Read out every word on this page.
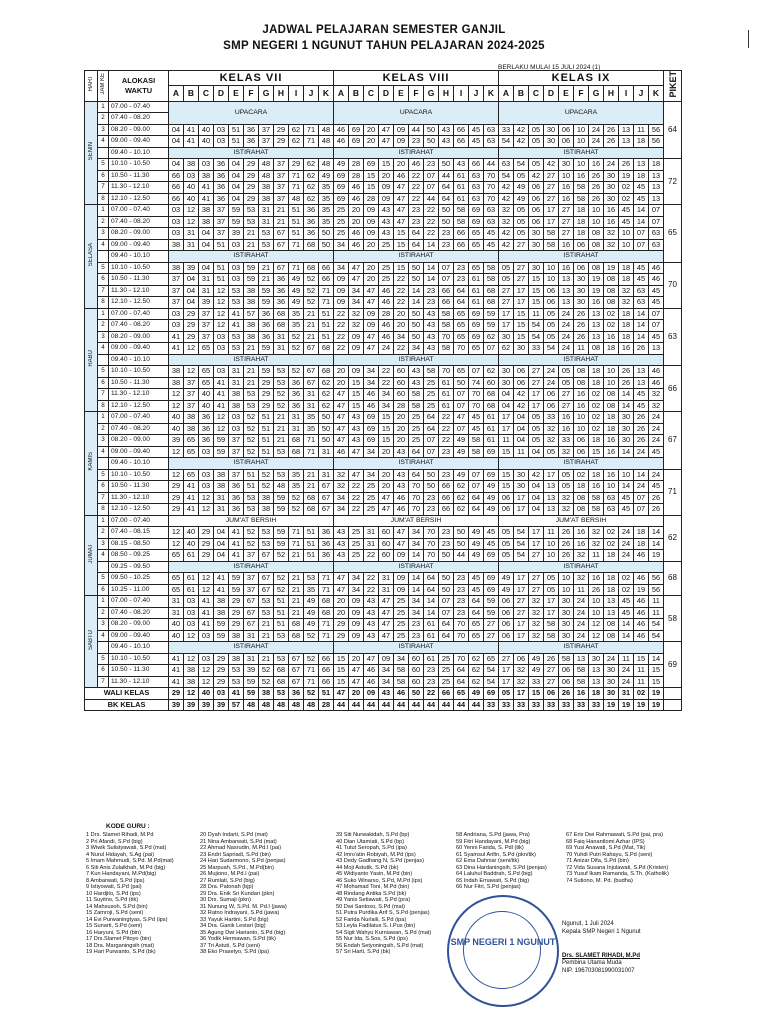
JADWAL PELAJARAN SEMESTER GANJIL
SMP NEGERI 1 NGUNUT TAHUN PELAJARAN 2024-2025
BERLAKU MULAI 15 JULI 2024 (1)
HARI	JAM KE	ALOKASI WAKTU	KELAS VII											KELAS VIII											KELAS IX											PIKET
			A	B	C	D	E	F	G	H	I	J	K	A	B	C	D	E	F	G	H	I	J	K	A	B	C	D	E	F	G	H	I	J	K	
SENIN	1	07.00 - 07.40	UPACARA											UPACARA											UPACARA											64
	2	07.40 - 08.20																																		
	3	08.20 - 09.00	04	41	40	03	51	36	37	29	62	71	48	46	69	20	47	09	44	50	43	66	45	63	33	42	05	30	06	10	24	26	13	11	56	
	4	09.00 - 09.40	04	41	40	03	51	36	37	29	62	71	48	46	69	20	47	09	23	50	43	66	45	63	54	42	05	30	06	10	24	26	13	18	56	
		09.40 - 10.10	ISTIRAHAT											ISTIRAHAT											ISTIRAHAT											
	5	10.10 - 10.50	04	38	03	36	04	29	48	37	29	62	48	49	28	69	15	20	46	23	50	43	66	44	63	54	05	42	30	10	16	24	26	13	18	72
	6	10.50 - 11.30	66	03	38	36	04	29	48	37	71	62	49	69	28	15	20	46	22	07	44	61	63	70	54	05	42	27	10	16	26	30	19	18	13	
	7	11.30 - 12.10	66	40	41	36	04	29	38	37	71	62	35	69	46	15	09	47	22	07	64	61	63	70	42	49	06	27	16	58	26	30	02	45	13	
	8	12.10 - 12.50	66	40	41	36	04	29	38	37	48	62	35	69	46	28	09	47	22	44	64	61	63	70	42	49	06	27	16	58	26	30	02	45	13	
SELASA	1	07.00 - 07.40	03	12	38	37	59	53	31	21	51	36	35	25	20	09	43	47	23	22	50	58	69	63	32	05	06	17	27	18	10	16	45	14	07	65
	2	07.40 - 08.20	03	12	38	37	59	53	31	21	51	36	35	25	20	09	43	47	23	22	50	58	69	63	32	05	06	17	27	18	10	16	45	14	07	
	3	08.20 - 09.00	03	31	04	37	39	21	53	67	51	36	50	25	46	09	43	15	64	22	23	66	65	45	42	05	30	58	27	18	08	32	10	07	63	
	4	09.00 - 09.40	38	31	04	51	03	21	53	67	71	68	50	34	46	20	25	15	64	14	23	66	65	45	42	27	30	58	16	06	08	32	10	07	63	
		09.40 - 10.10	ISTIRAHAT											ISTIRAHAT											ISTIRAHAT											
	5	10.10 - 10.50	38	39	04	51	03	59	21	67	71	68	66	34	47	20	25	15	50	14	07	23	65	58	05	27	30	10	16	06	08	19	18	45	46	70
	6	10.50 - 11.30	37	04	31	51	03	59	21	36	49	52	66	09	47	20	25	22	50	14	07	23	61	58	05	27	15	10	13	30	19	08	18	45	46	
	7	11.30 - 12.10	37	04	31	12	53	38	59	36	49	52	71	09	34	47	46	22	14	23	66	64	61	68	27	17	15	06	13	30	19	08	32	63	45	
	8	12.10 - 12.50	37	04	39	12	53	38	59	36	49	52	71	09	34	47	46	22	14	23	66	64	61	68	27	17	15	06	13	30	16	08	32	63	45	
RABU	1	07.00 - 07.40	03	29	37	12	41	57	36	68	35	21	51	22	32	09	28	20	50	43	58	65	69	59	17	15	11	05	24	26	13	02	18	14	07	63
	2	07.40 - 08.20	03	29	37	12	41	38	36	68	35	21	51	22	32	09	46	20	50	43	58	65	69	59	17	15	54	05	24	26	13	02	18	14	07	
	3	08.20 - 09.00	41	29	37	03	53	38	36	31	52	21	51	22	09	47	46	34	50	43	70	65	69	62	30	15	54	05	24	26	13	16	18	14	45	
	4	09.00 - 09.40	41	12	65	03	53	21	59	31	52	67	68	22	09	47	24	22	34	43	58	70	65	07	62	30	33	54	24	11	08	18	16	26	13	
		09.40 - 10.10	ISTIRAHAT											ISTIRAHAT											ISTIRAHAT											
	5	10.10 - 10.50	38	12	65	03	31	21	59	53	52	67	68	20	09	34	22	60	43	58	70	65	07	62	30	06	27	24	05	08	18	10	26	13	46	66
	6	10.50 - 11.30	38	37	65	41	31	21	29	53	36	67	62	20	15	34	22	60	43	25	61	50	74	60	30	06	27	24	05	08	18	10	26	13	46	
	7	11.30 - 12.10	12	37	40	41	38	53	29	52	36	31	62	47	15	46	34	60	58	25	61	07	70	68	04	42	17	06	27	16	02	08	14	45	32	
	8	12.10 - 12.50	12	37	40	41	38	53	29	52	36	31	62	47	15	46	34	28	58	25	61	07	70	68	04	42	17	06	27	16	02	08	14	45	32	
KAMIS	1	07.00 - 07.40	40	38	36	12	03	52	51	21	31	35	50	47	43	69	15	20	25	64	22	47	45	61	17	04	05	33	16	10	02	18	30	26	24	67
	2	07.40 - 08.20	40	38	36	12	03	52	51	21	31	35	50	47	43	69	15	20	25	64	22	07	45	61	17	04	05	32	16	10	02	18	30	26	24	
	3	08.20 - 09.00	39	65	36	59	37	52	51	21	68	71	50	47	43	69	15	20	25	07	22	49	58	61	11	04	05	32	33	06	18	16	30	26	24	
	4	09.00 - 09.40	12	65	03	59	37	52	51	53	68	71	31	46	47	34	20	43	64	07	23	49	58	69	15	11	04	05	32	06	15	16	14	24	45	
		09.40 - 10.10	ISTIRAHAT											ISTIRAHAT											ISTIRAHAT											
	5	10.10 - 10.50	12	65	03	38	37	51	52	53	35	21	31	32	47	34	20	43	64	50	23	49	07	69	15	30	42	17	05	02	18	16	10	14	24	71
	6	10.50 - 11.30	29	41	03	38	36	51	52	48	35	21	67	32	22	25	20	43	70	50	66	62	07	49	15	30	04	13	05	18	16	10	14	24	45	
	7	11.30 - 12.10	29	41	12	31	36	53	38	59	52	68	67	34	22	25	47	46	70	23	66	62	64	49	06	17	04	13	32	08	58	63	45	07	26	
	8	12.10 - 12.50	29	41	12	31	36	53	38	59	52	68	67	34	22	25	47	46	70	23	66	62	64	49	06	17	04	13	32	08	58	63	45	07	26	
JUMAT	1	07.00 - 07.40	JUM'AT BERSIH											JUM'AT BERSIH											JUM'AT BERSIH											62
	2	07.40 - 08.15	12	40	29	04	41	52	53	59	71	51	36	43	25	31	60	47	34	70	23	50	49	45	05	54	17	11	26	16	32	02	24	18	14	
	3	08.15 - 08.50	12	40	29	04	41	52	53	59	71	51	36	43	25	31	60	47	34	70	23	50	49	45	05	54	17	10	26	16	32	02	24	18	14	
	4	08.50 - 09.25	65	61	29	04	41	37	67	52	21	51	36	43	25	22	60	09	14	70	50	44	49	69	05	54	27	10	26	32	11	18	24	46	19	
		09.25 - 09.50	ISTIRAHAT											ISTIRAHAT											ISTIRAHAT											68
	5	09.50 - 10.25	65	61	12	41	59	37	67	52	21	53	71	47	34	22	31	09	14	64	50	23	45	69	49	17	27	05	10	32	16	18	02	46	56	
	6	10.25 - 11.00	65	61	12	41	59	37	67	52	21	35	71	47	34	22	31	09	14	64	50	23	45	69	49	17	27	05	10	11	26	18	02	19	56	
SABTU	1	07.00 - 07.40	31	03	41	38	29	67	53	51	21	49	68	20	09	43	47	25	34	14	07	23	64	59	06	27	32	17	30	24	10	13	45	46	11	58
	2	07.40 - 08.20	31	03	41	38	29	67	53	51	21	49	68	20	09	43	47	25	34	14	07	23	64	59	06	27	32	17	30	24	10	13	45	46	11	
	3	08.20 - 09.00	40	03	41	59	29	67	21	51	68	49	71	29	09	43	47	25	23	61	64	70	65	27	06	17	32	58	30	24	12	08	14	46	54	
	4	09.00 - 09.40	40	12	03	59	38	31	21	53	68	52	71	29	09	43	47	25	23	61	64	70	65	27	06	17	32	58	30	24	12	08	14	46	54	
		09.40 - 10.10	ISTIRAHAT											ISTIRAHAT											ISTIRAHAT											69
	5	10.10 - 10.50	41	12	03	29	38	31	21	53	67	52	66	15	20	47	09	34	60	61	25	70	62	65	27	06	49	26	58	13	30	24	11	15	14	
	6	10.50 - 11.30	41	38	12	29	53	39	52	68	67	71	66	15	47	46	34	58	60	23	25	64	62	54	17	32	49	27	06	58	13	30	24	11	15	
	7	11.30 - 12.10	41	38	12	29	53	59	52	68	67	71	66	15	47	46	34	58	60	23	25	64	62	54	17	32	33	27	06	58	13	30	24	11	15	
WALI KELAS			29	12	40	03	41	59	38	53	36	52	51	47	20	09	43	46	50	22	66	65	49	69	05	17	15	06	26	16	18	30	31	02	19	
BK KELAS			39	39	39	39	57	48	48	48	48	48	28	44	44	44	44	44	44	44	44	44	44	33	33	33	33	33	33	33	33	19	19	19	19	
KODE GURU :
1 Drs. Slamet Rihadi, M.Pd
2 Pri Afandi, S.Pd (big)
3 Wiwik Sulistyawati, S.Pd (mat)
4 Nurul Hidayah, S.Ag (pai)
5 Imam Mahmudi, S.Pd. M.Pd(mat)
6 Siti Anis Zulaikhah, M.Pd (big)
7 Kun Handayani, M.Pd(big)
8 Ambarwati, S.Pd (ips)
9 Istiyowati, S.Pd (pai)
10 Hardjito, S.Pd (ips)
11 Suyitno, S.Pd (tik)
14 Mahsusoh, S.Pd (bin)
15 Zamroji, S.Pd (seni)
14 Evi Purwaningtyas, S.Pd (ips)
15 Sunarti, S.Pd (seni)
16 Haryuni, S.Pd (bin)
17 Drs.Slamet Pitoyo (bin)
18 Dra. Marganingsih (mat)
19 Hari Purwanto, S.Pd (bk)
20 Dyah Indarti, S.Pd (mat)
21 Nina Ambarwati, S.Pd (mat)
22 Ahmad Nasrudin, M.Pd.I (pai)
23 Endri Sapriadi, S.Pd (bin)
24 Hari Sudarmono, S.Pd (penjas)
25 Marpuah, S.Pd., M.Pd(bin)
26 Mujiono, M.Pd.I (pai)
27 Rumlati, S.Pd (big)
28 Dra. Patonah (bjp)
29 Dra. Enik Sri Kundari (pkn)
30 Drs. Sumaji (pkn)
31 Nunung W, S.Pd. M. Pd.I (jawa)
32 Ratno Indrayani, S.Pd (jawa)
33 Yayuk Hartini, S.Pd (big)
34 Dra. Ganik Lestari (big)
35 Agung Dwi Harianto, S.Pd (big)
36 Yodik Hermawan, S.Pd (tik)
37 Tri Astuti, S.Pd (seni)
38 Eko Prasetyo, S.Pd (ipa)
39 Siti Nurwakidah, S.Pd (bp)
40 Dian Utamiati, S.Pd (bp)
41 Tutut Seropah, S.Pd (ipa)
42 Imro'atin Robiyah, M.Pd (ips)
43 Dedy Gadhang N, S.Pd (penjas)
44 Moji Astutik, S.Pd (bk)
45 Widiyanto Yasin, M.Pd (bin)
46 Suko Winarso, S.Pd, M.Pd (ips)
47 Mohamad Toni, M.Pd (bin)
48 Rindang Antika S.Pd (bk)
49 Yanis Setiawati, S.Pd (pra)
50 Dwi Santoso, S.Pd (mat)
51 Putra Purdika Arif S, S.Pd (penjas)
52 Farida Nurlaili, S.Pd (ipa)
53 Leyla Fadilatus S. I.Pus (bin)
54 Sigit Wahyu Kurniawan, S.Pd (mat)
55 Nur Ida, S.Sos, S.Pd (ips)
56 Endah Setyoningsih, S.Pd (mat)
57 Sri Harti, S.Pd (bk)
58 Andriana, S.Pd (jawa, Pra)
59 Fitri Handayani, M.Pd (big)
60 Yenni Farida, S. Pdl (tik)
61 Syamsul Arifin, S.Pd (pkn/tik)
62 Ema Dahniar (seni/tik)
63 Dina Hardaningsih, S.Pd (penjas)
64 Laluhul Baddrah, S.Pd (big)
65 Indah Ernawati, S.Pd (big)
66 Nur Fitri, S.Pd (penjas)
67 Erix Dwi Rahmawati, S.Pd (pai, pra)
68 Faiq Hanantlomi Azhar (IPS)
69 Yusi Anawati, S.Pd (Mat, Tik)
70 Yuhdi Putri Rahayu, S.Pd (seni)
71 Anizar Difa, S.Pd (bin)
72 Vida Susana Injulawati, S.Pd (Kristen)
73 Yusuf Ikam Ramanda, S.Th. (Katholik)
74 Sutiono, M. Pd. (budha)
SMP NEGERI 1 NGUNUT
Ngunut, 1 Juli 2024
Kepala SMP Negeri 1 Ngunut
Drs. SLAMET RIHADI, M.Pd
Pembina Utama Muda
NIP. 196703081990031007
